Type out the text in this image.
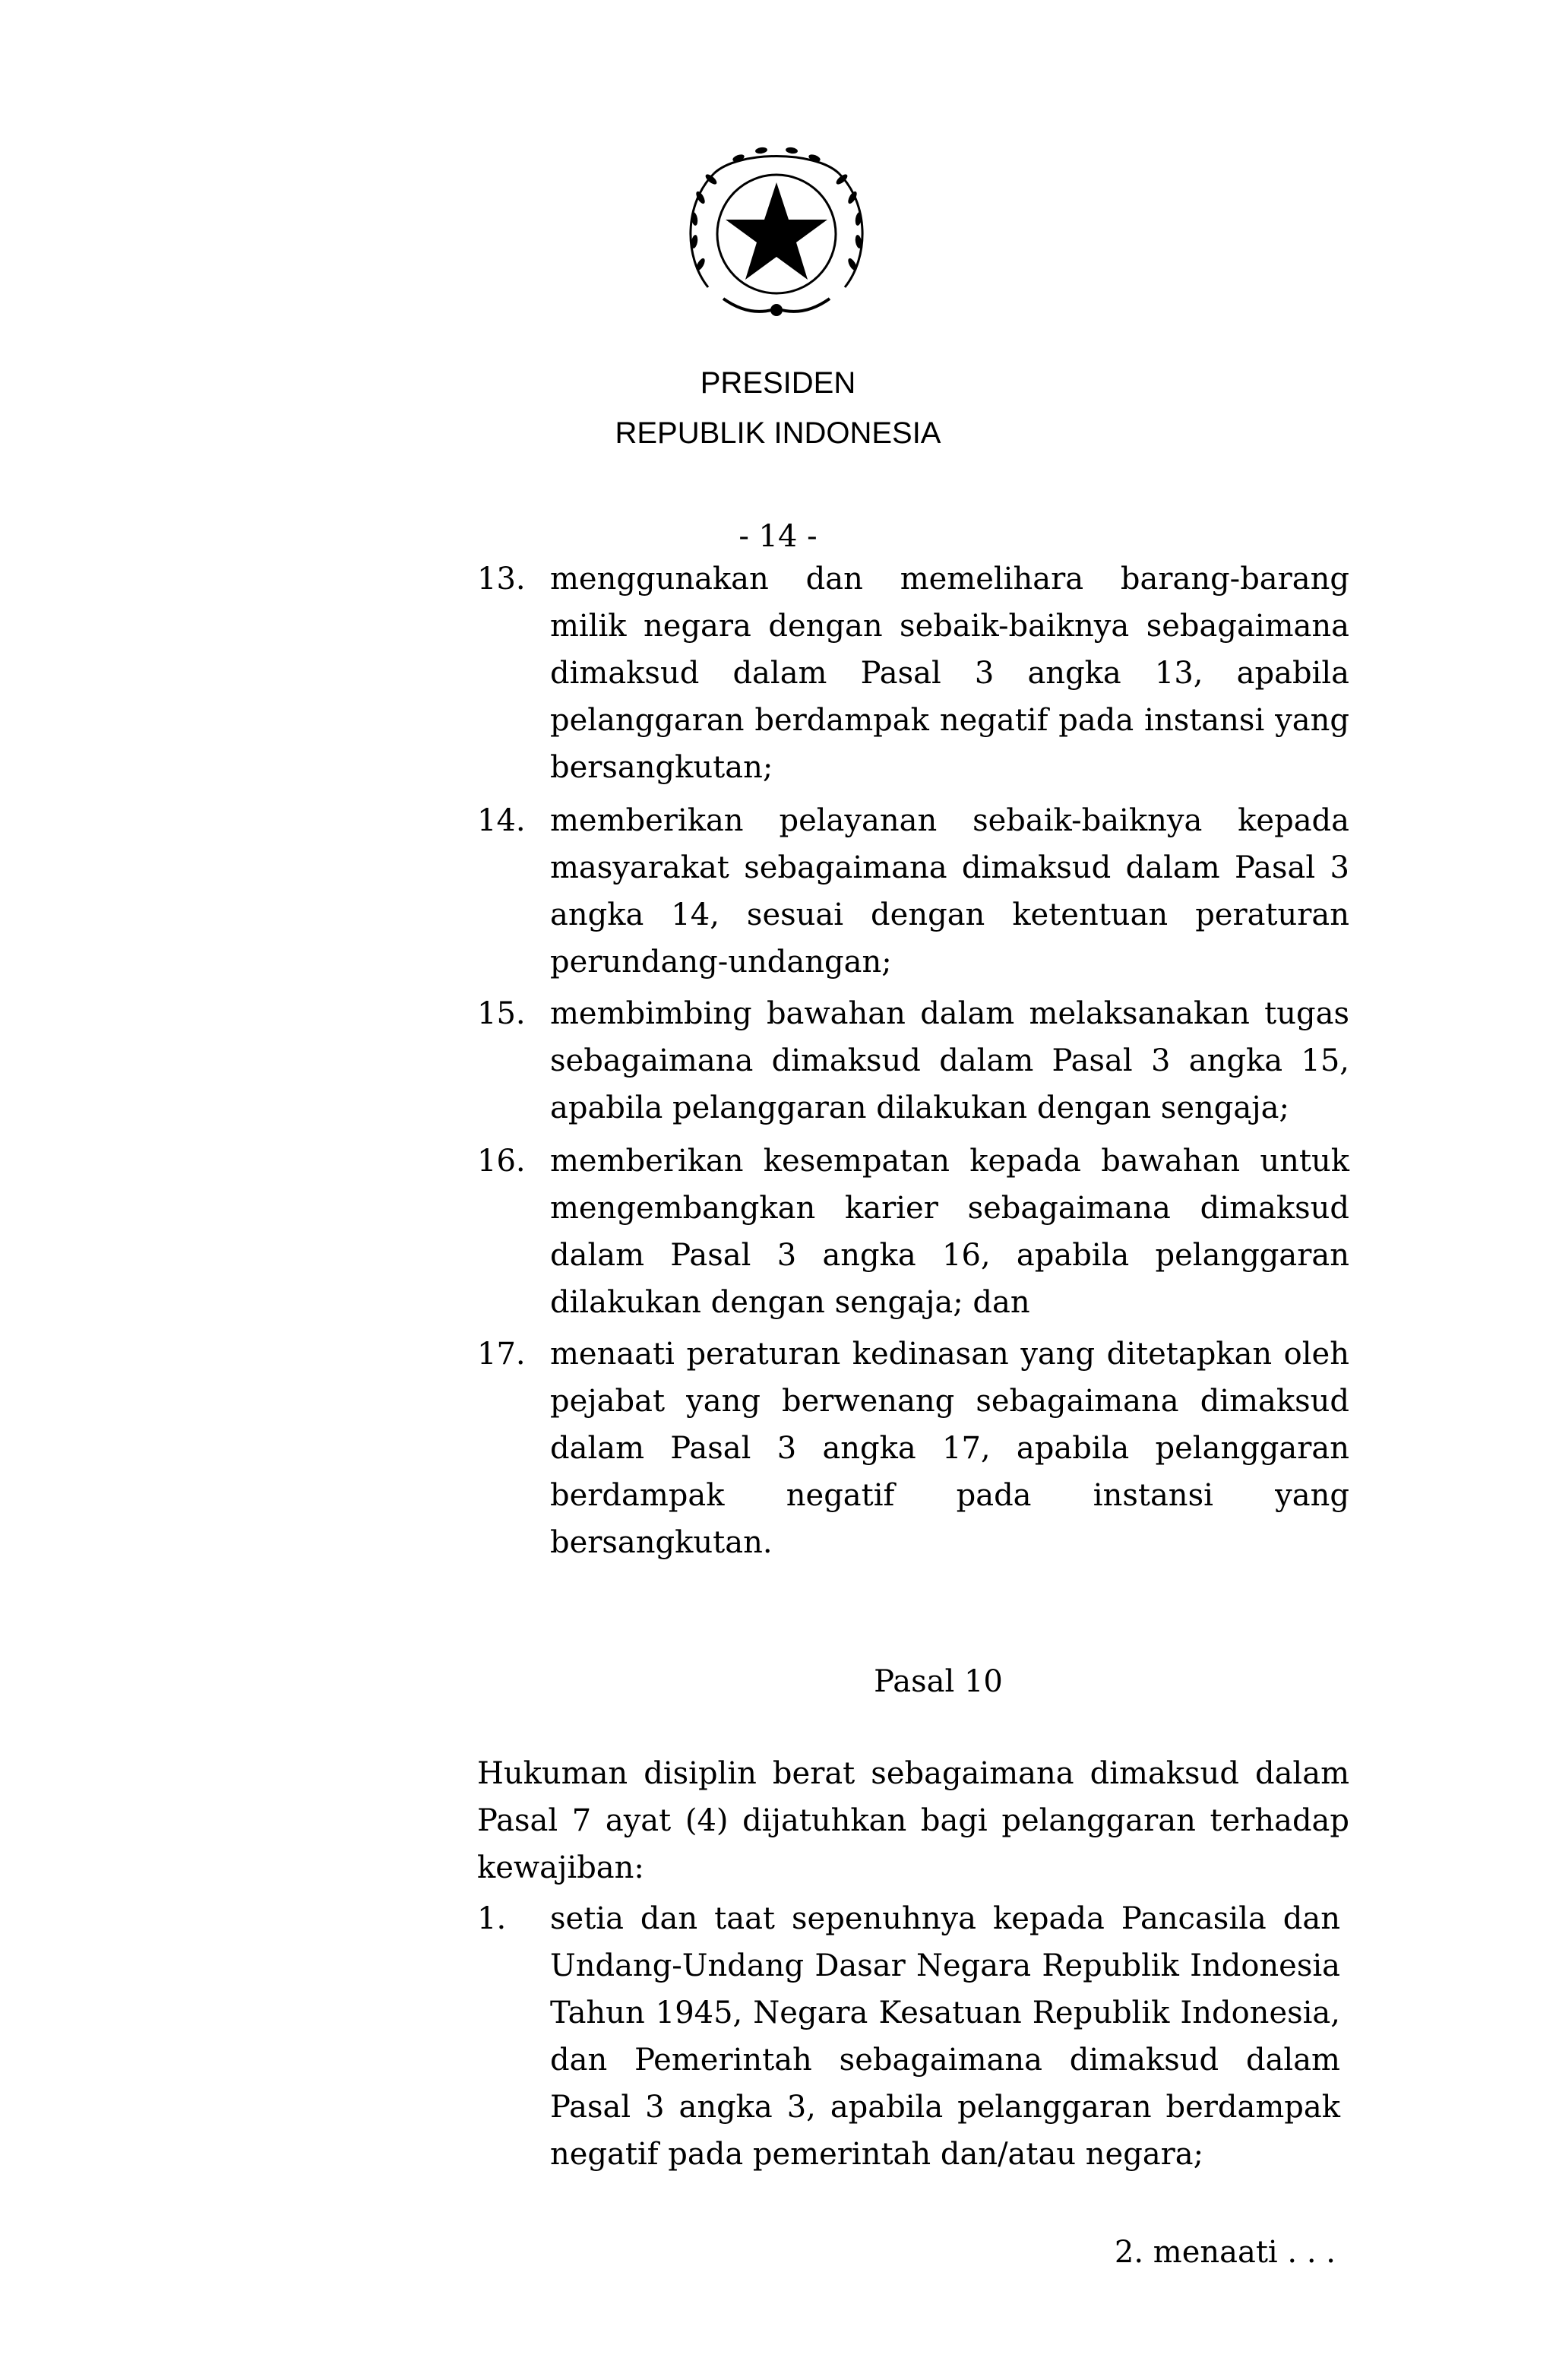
PRESIDEN
REPUBLIK INDONESIA
- 14 -
13. menggunakan dan memelihara barang-barang milik negara dengan sebaik-baiknya sebagaimana dimaksud dalam Pasal 3 angka 13, apabila pelanggaran berdampak negatif pada instansi yang bersangkutan;
14. memberikan pelayanan sebaik-baiknya kepada masyarakat sebagaimana dimaksud dalam Pasal 3 angka 14, sesuai dengan ketentuan peraturan perundang-undangan;
15. membimbing bawahan dalam melaksanakan tugas sebagaimana dimaksud dalam Pasal 3 angka 15, apabila pelanggaran dilakukan dengan sengaja;
16. memberikan kesempatan kepada bawahan untuk mengembangkan karier sebagaimana dimaksud dalam Pasal 3 angka 16, apabila pelanggaran dilakukan dengan sengaja; dan
17. menaati peraturan kedinasan yang ditetapkan oleh pejabat yang berwenang sebagaimana dimaksud dalam Pasal 3 angka 17, apabila pelanggaran berdampak negatif pada instansi yang bersangkutan.
Pasal 10
Hukuman disiplin berat sebagaimana dimaksud dalam Pasal 7 ayat (4) dijatuhkan bagi pelanggaran terhadap kewajiban:
1. setia dan taat sepenuhnya kepada Pancasila dan Undang-Undang Dasar Negara Republik Indonesia Tahun 1945, Negara Kesatuan Republik Indonesia, dan Pemerintah sebagaimana dimaksud dalam Pasal 3 angka 3, apabila pelanggaran berdampak negatif pada pemerintah dan/atau negara;
2. menaati . . .
